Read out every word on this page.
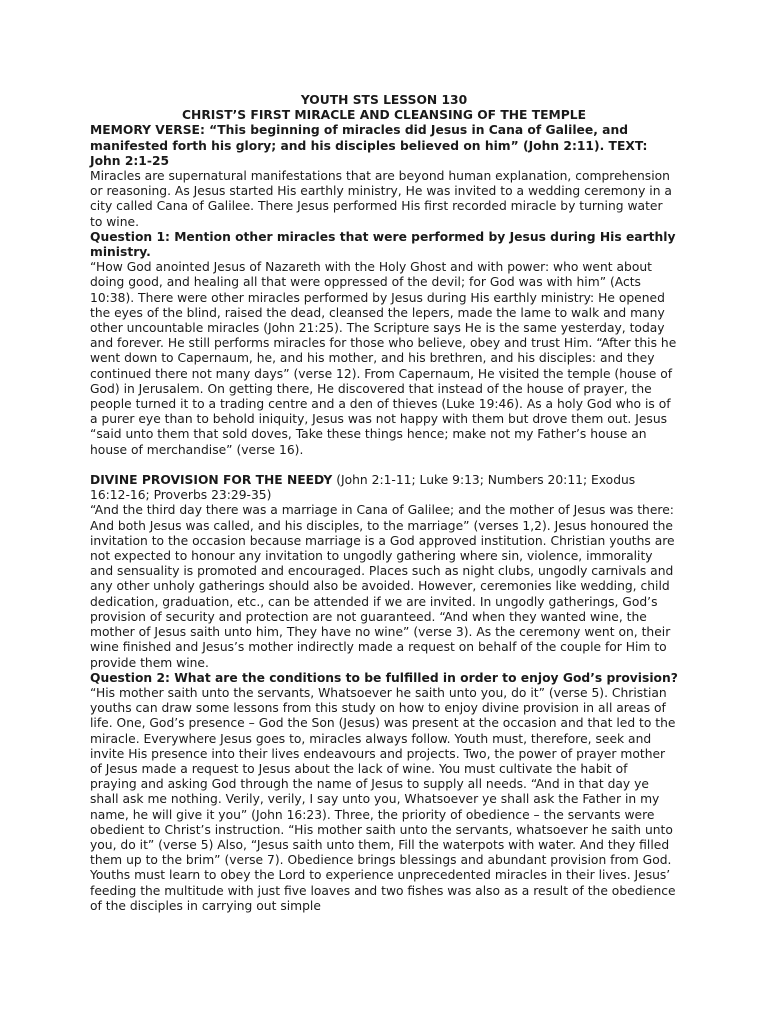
YOUTH STS LESSON 130

CHRIST’S FIRST MIRACLE AND CLEANSING OF THE TEMPLE

MEMORY VERSE: “This beginning of miracles did Jesus in Cana of Galilee, and manifested forth his glory; and his disciples believed on him” (John 2:11). TEXT: John 2:1-25

Miracles are supernatural manifestations that are beyond human explanation, comprehension or reasoning. As Jesus started His earthly ministry, He was invited to a wedding ceremony in a city called Cana of Galilee. There Jesus performed His first recorded miracle by turning water to wine.

Question 1: Mention other miracles that were performed by Jesus during His earthly ministry.

“How God anointed Jesus of Nazareth with the Holy Ghost and with power: who went about doing good, and healing all that were oppressed of the devil; for God was with him” (Acts 10:38). There were other miracles performed by Jesus during His earthly ministry: He opened the eyes of the blind, raised the dead, cleansed the lepers, made the lame to walk and many other uncountable miracles (John 21:25). The Scripture says He is the same yesterday, today and forever. He still performs miracles for those who believe, obey and trust Him. “After this he went down to Capernaum, he, and his mother, and his brethren, and his disciples: and they continued there not many days” (verse 12). From Capernaum, He visited the temple (house of God) in Jerusalem. On getting there, He discovered that instead of the house of prayer, the people turned it to a trading centre and a den of thieves (Luke 19:46). As a holy God who is of a purer eye than to behold iniquity, Jesus was not happy with them but drove them out. Jesus “said unto them that sold doves, Take these things hence; make not my Father’s house an house of merchandise” (verse 16).

DIVINE PROVISION FOR THE NEEDY (John 2:1-11; Luke 9:13; Numbers 20:11; Exodus 16:12-16; Proverbs 23:29-35)

“And the third day there was a marriage in Cana of Galilee; and the mother of Jesus was there: And both Jesus was called, and his disciples, to the marriage” (verses 1,2). Jesus honoured the invitation to the occasion because marriage is a God approved institution. Christian youths are not expected to honour any invitation to ungodly gathering where sin, violence, immorality and sensuality is promoted and encouraged. Places such as night clubs, ungodly carnivals and any other unholy gatherings should also be avoided. However, ceremonies like wedding, child dedication, graduation, etc., can be attended if we are invited. In ungodly gatherings, God’s provision of security and protection are not guaranteed. “And when they wanted wine, the mother of Jesus saith unto him, They have no wine” (verse 3). As the ceremony went on, their wine finished and Jesus’s mother indirectly made a request on behalf of the couple for Him to provide them wine.

Question 2: What are the conditions to be fulfilled in order to enjoy God’s provision?

“His mother saith unto the servants, Whatsoever he saith unto you, do it” (verse 5). Christian youths can draw some lessons from this study on how to enjoy divine provision in all areas of life. One, God’s presence – God the Son (Jesus) was present at the occasion and that led to the miracle. Everywhere Jesus goes to, miracles always follow. Youth must, therefore, seek and invite His presence into their lives endeavours and projects. Two, the power of prayer mother of Jesus made a request to Jesus about the lack of wine. You must cultivate the habit of praying and asking God through the name of Jesus to supply all needs. “And in that day ye shall ask me nothing. Verily, verily, I say unto you, Whatsoever ye shall ask the Father in my name, he will give it you” (John 16:23). Three, the priority of obedience – the servants were obedient to Christ’s instruction. “His mother saith unto the servants, whatsoever he saith unto you, do it” (verse 5) Also, “Jesus saith unto them, Fill the waterpots with water. And they filled them up to the brim” (verse 7). Obedience brings blessings and abundant provision from God. Youths must learn to obey the Lord to experience unprecedented miracles in their lives. Jesus’ feeding the multitude with just five loaves and two fishes was also as a result of the obedience of the disciples in carrying out simple
